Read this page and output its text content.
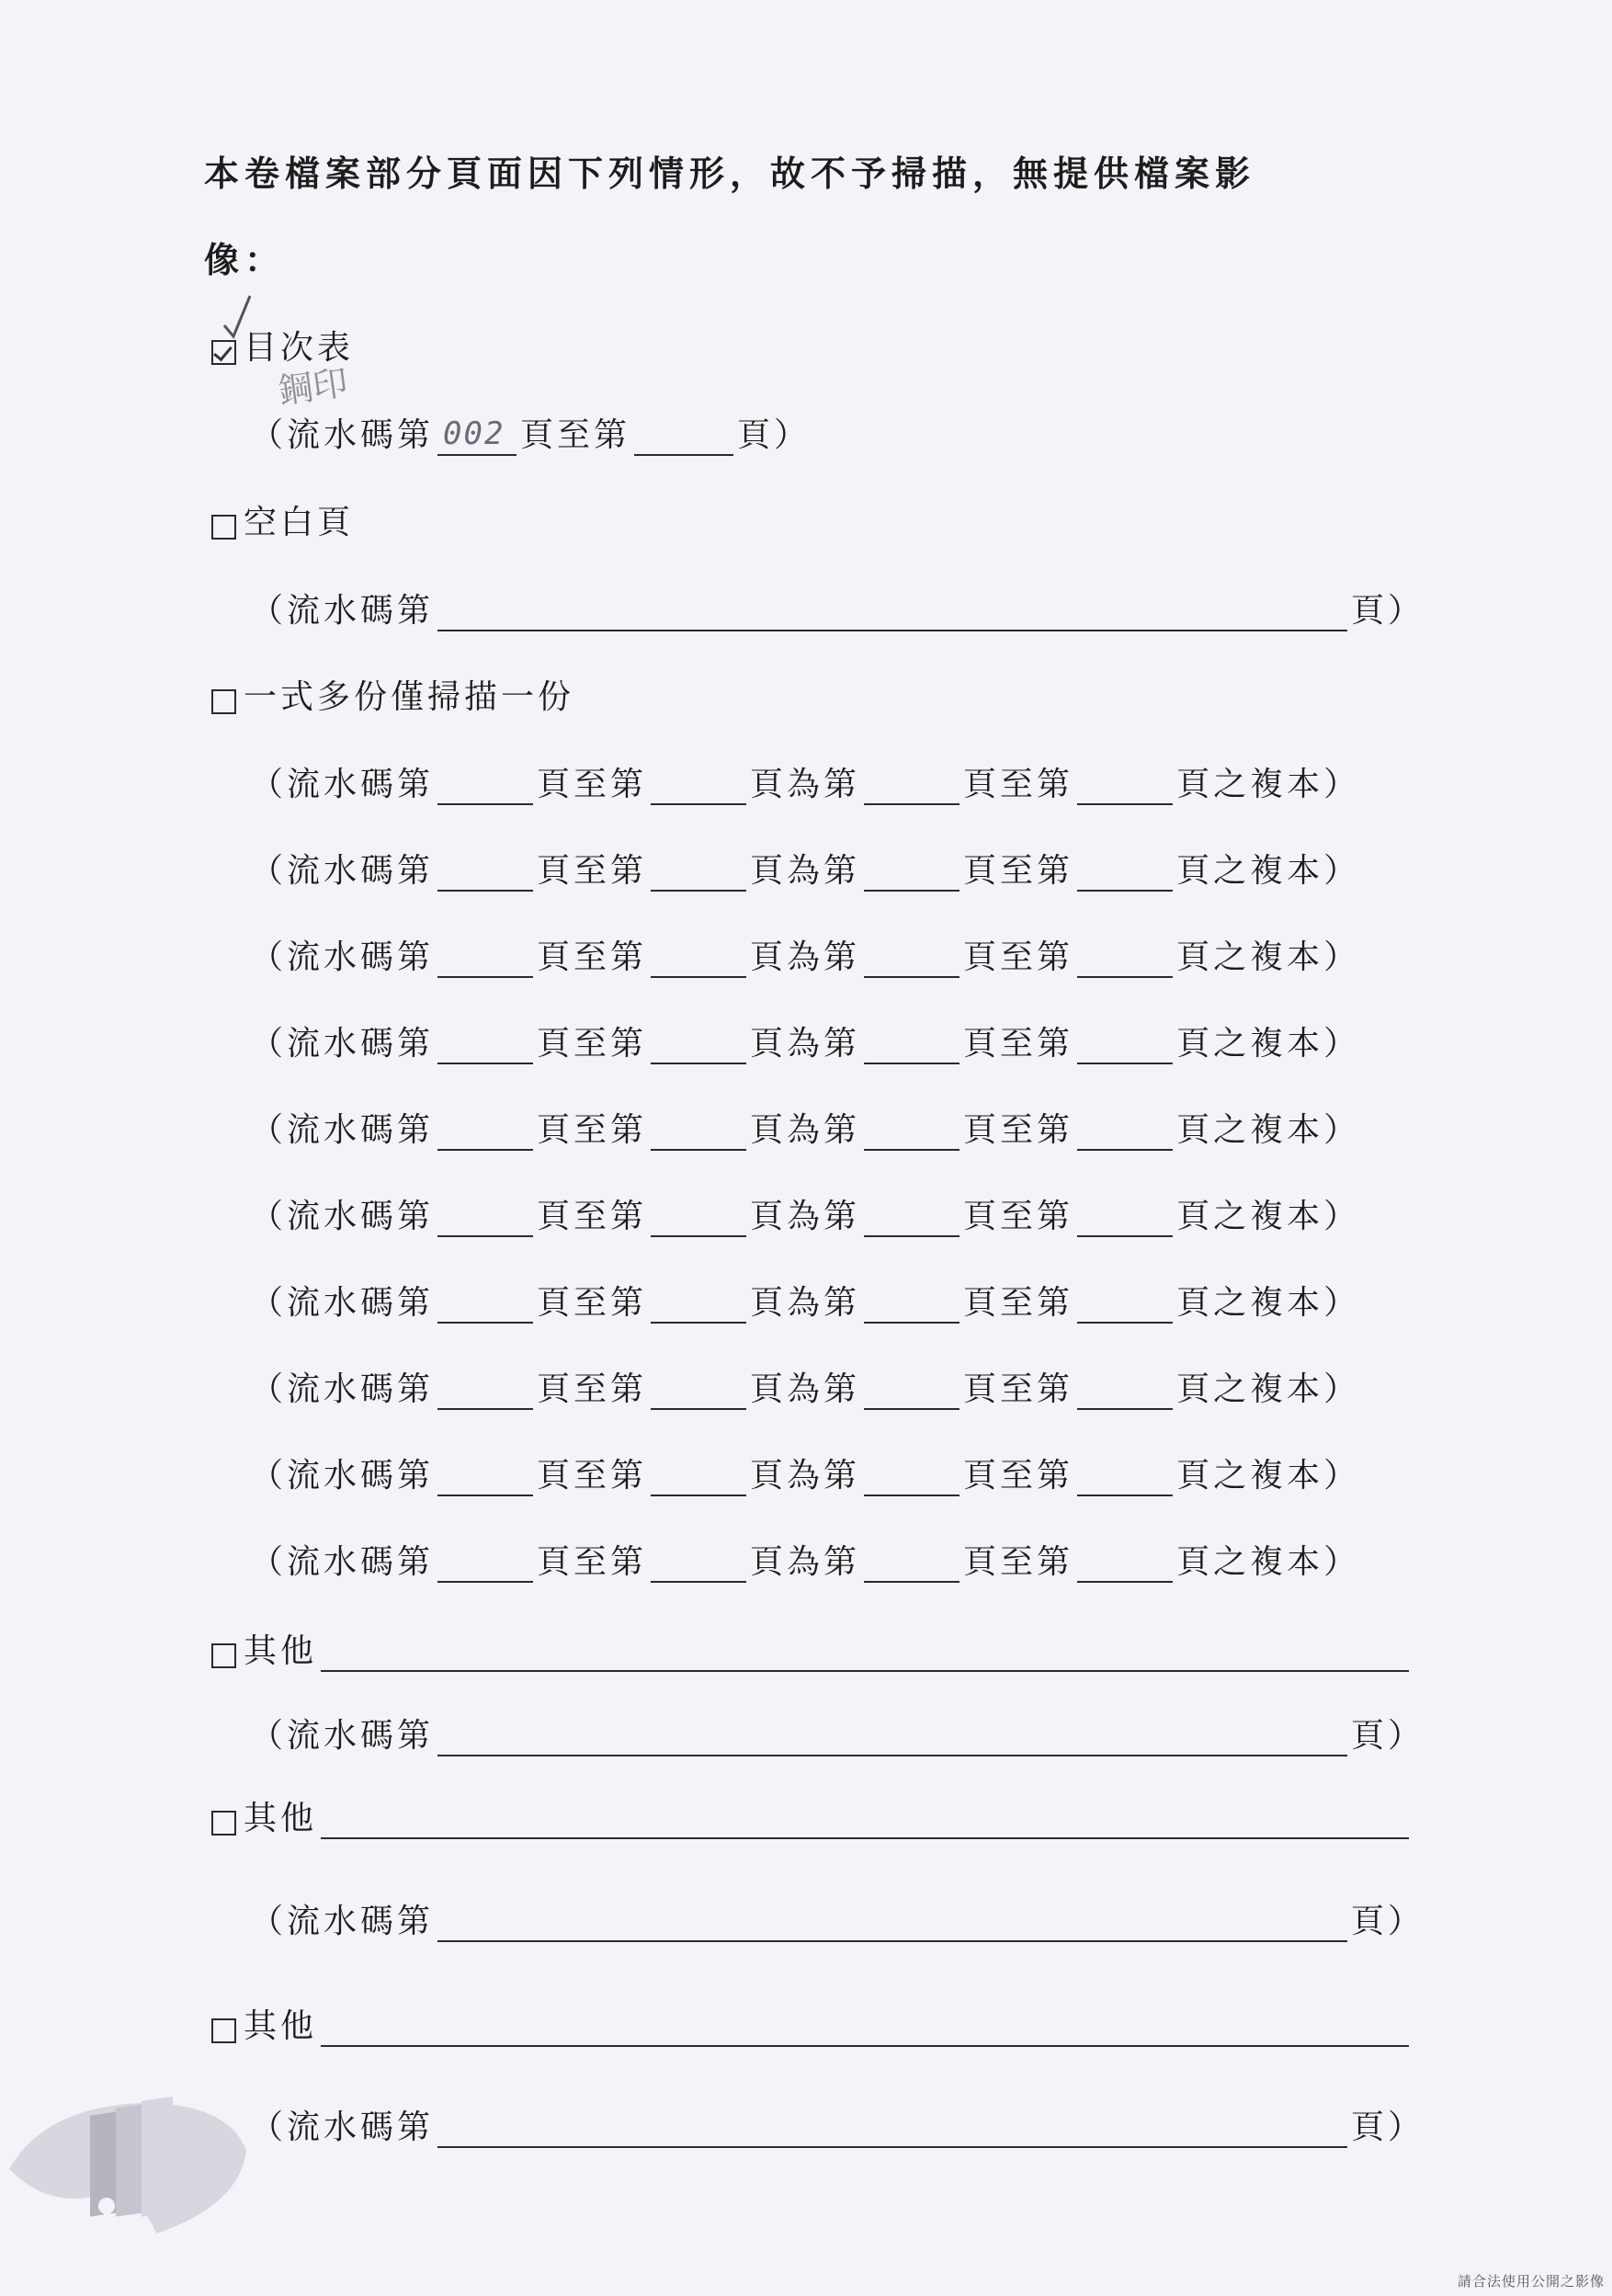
本卷檔案部分頁面因下列情形，故不予掃描，無提供檔案影
像：
目次表
鋼印
（流水碼第 002 頁至第	頁）
空白頁
（流水碼第	頁）
一式多份僅掃描一份
（流水碼第	頁至第	頁為第	頁至第	頁之複本）
（流水碼第	頁至第	頁為第	頁至第	頁之複本）
（流水碼第	頁至第	頁為第	頁至第	頁之複本）
（流水碼第	頁至第	頁為第	頁至第	頁之複本）
（流水碼第	頁至第	頁為第	頁至第	頁之複本）
（流水碼第	頁至第	頁為第	頁至第	頁之複本）
（流水碼第	頁至第	頁為第	頁至第	頁之複本）
（流水碼第	頁至第	頁為第	頁至第	頁之複本）
（流水碼第	頁至第	頁為第	頁至第	頁之複本）
（流水碼第	頁至第	頁為第	頁至第	頁之複本）
其他
（流水碼第	頁）
其他
（流水碼第	頁）
其他
（流水碼第	頁）
請合法使用公開之影像
